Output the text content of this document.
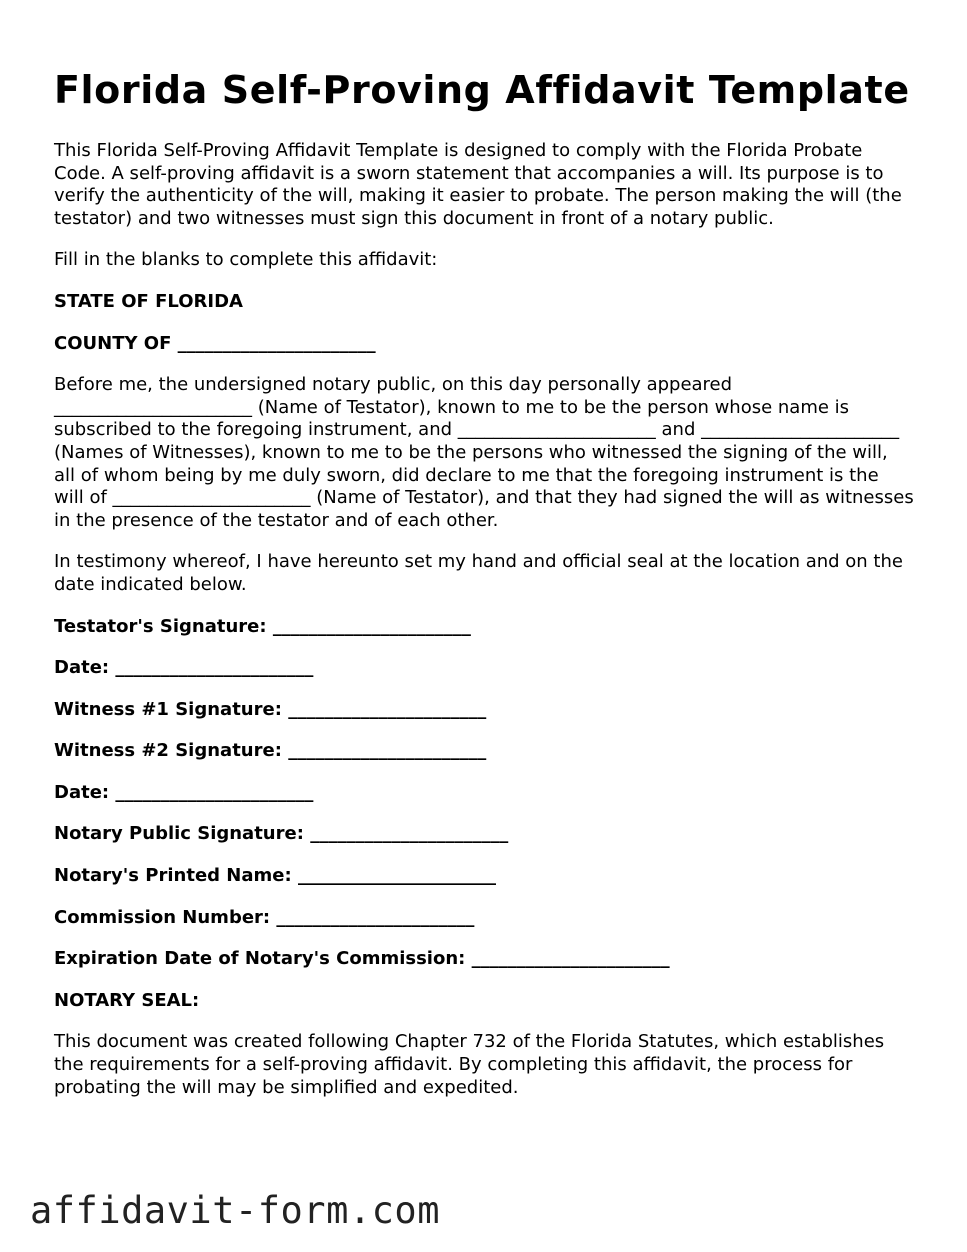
Florida Self-Proving Affidavit Template

This Florida Self-Proving Affidavit Template is designed to comply with the Florida Probate Code. A self-proving affidavit is a sworn statement that accompanies a will. Its purpose is to verify the authenticity of the will, making it easier to probate. The person making the will (the testator) and two witnesses must sign this document in front of a notary public.

Fill in the blanks to complete this affidavit:

STATE OF FLORIDA

COUNTY OF ______________________

Before me, the undersigned notary public, on this day personally appeared ______________________ (Name of Testator), known to me to be the person whose name is subscribed to the foregoing instrument, and ______________________ and ______________________ (Names of Witnesses), known to me to be the persons who witnessed the signing of the will, all of whom being by me duly sworn, did declare to me that the foregoing instrument is the will of ______________________ (Name of Testator), and that they had signed the will as witnesses in the presence of the testator and of each other.

In testimony whereof, I have hereunto set my hand and official seal at the location and on the date indicated below.

Testator's Signature: ______________________

Date: ______________________

Witness #1 Signature: ______________________

Witness #2 Signature: ______________________

Date: ______________________

Notary Public Signature: ______________________

Notary's Printed Name: ______________________

Commission Number: ______________________

Expiration Date of Notary's Commission: ______________________

NOTARY SEAL:

This document was created following Chapter 732 of the Florida Statutes, which establishes the requirements for a self-proving affidavit. By completing this affidavit, the process for probating the will may be simplified and expedited.

affidavit-form.com
